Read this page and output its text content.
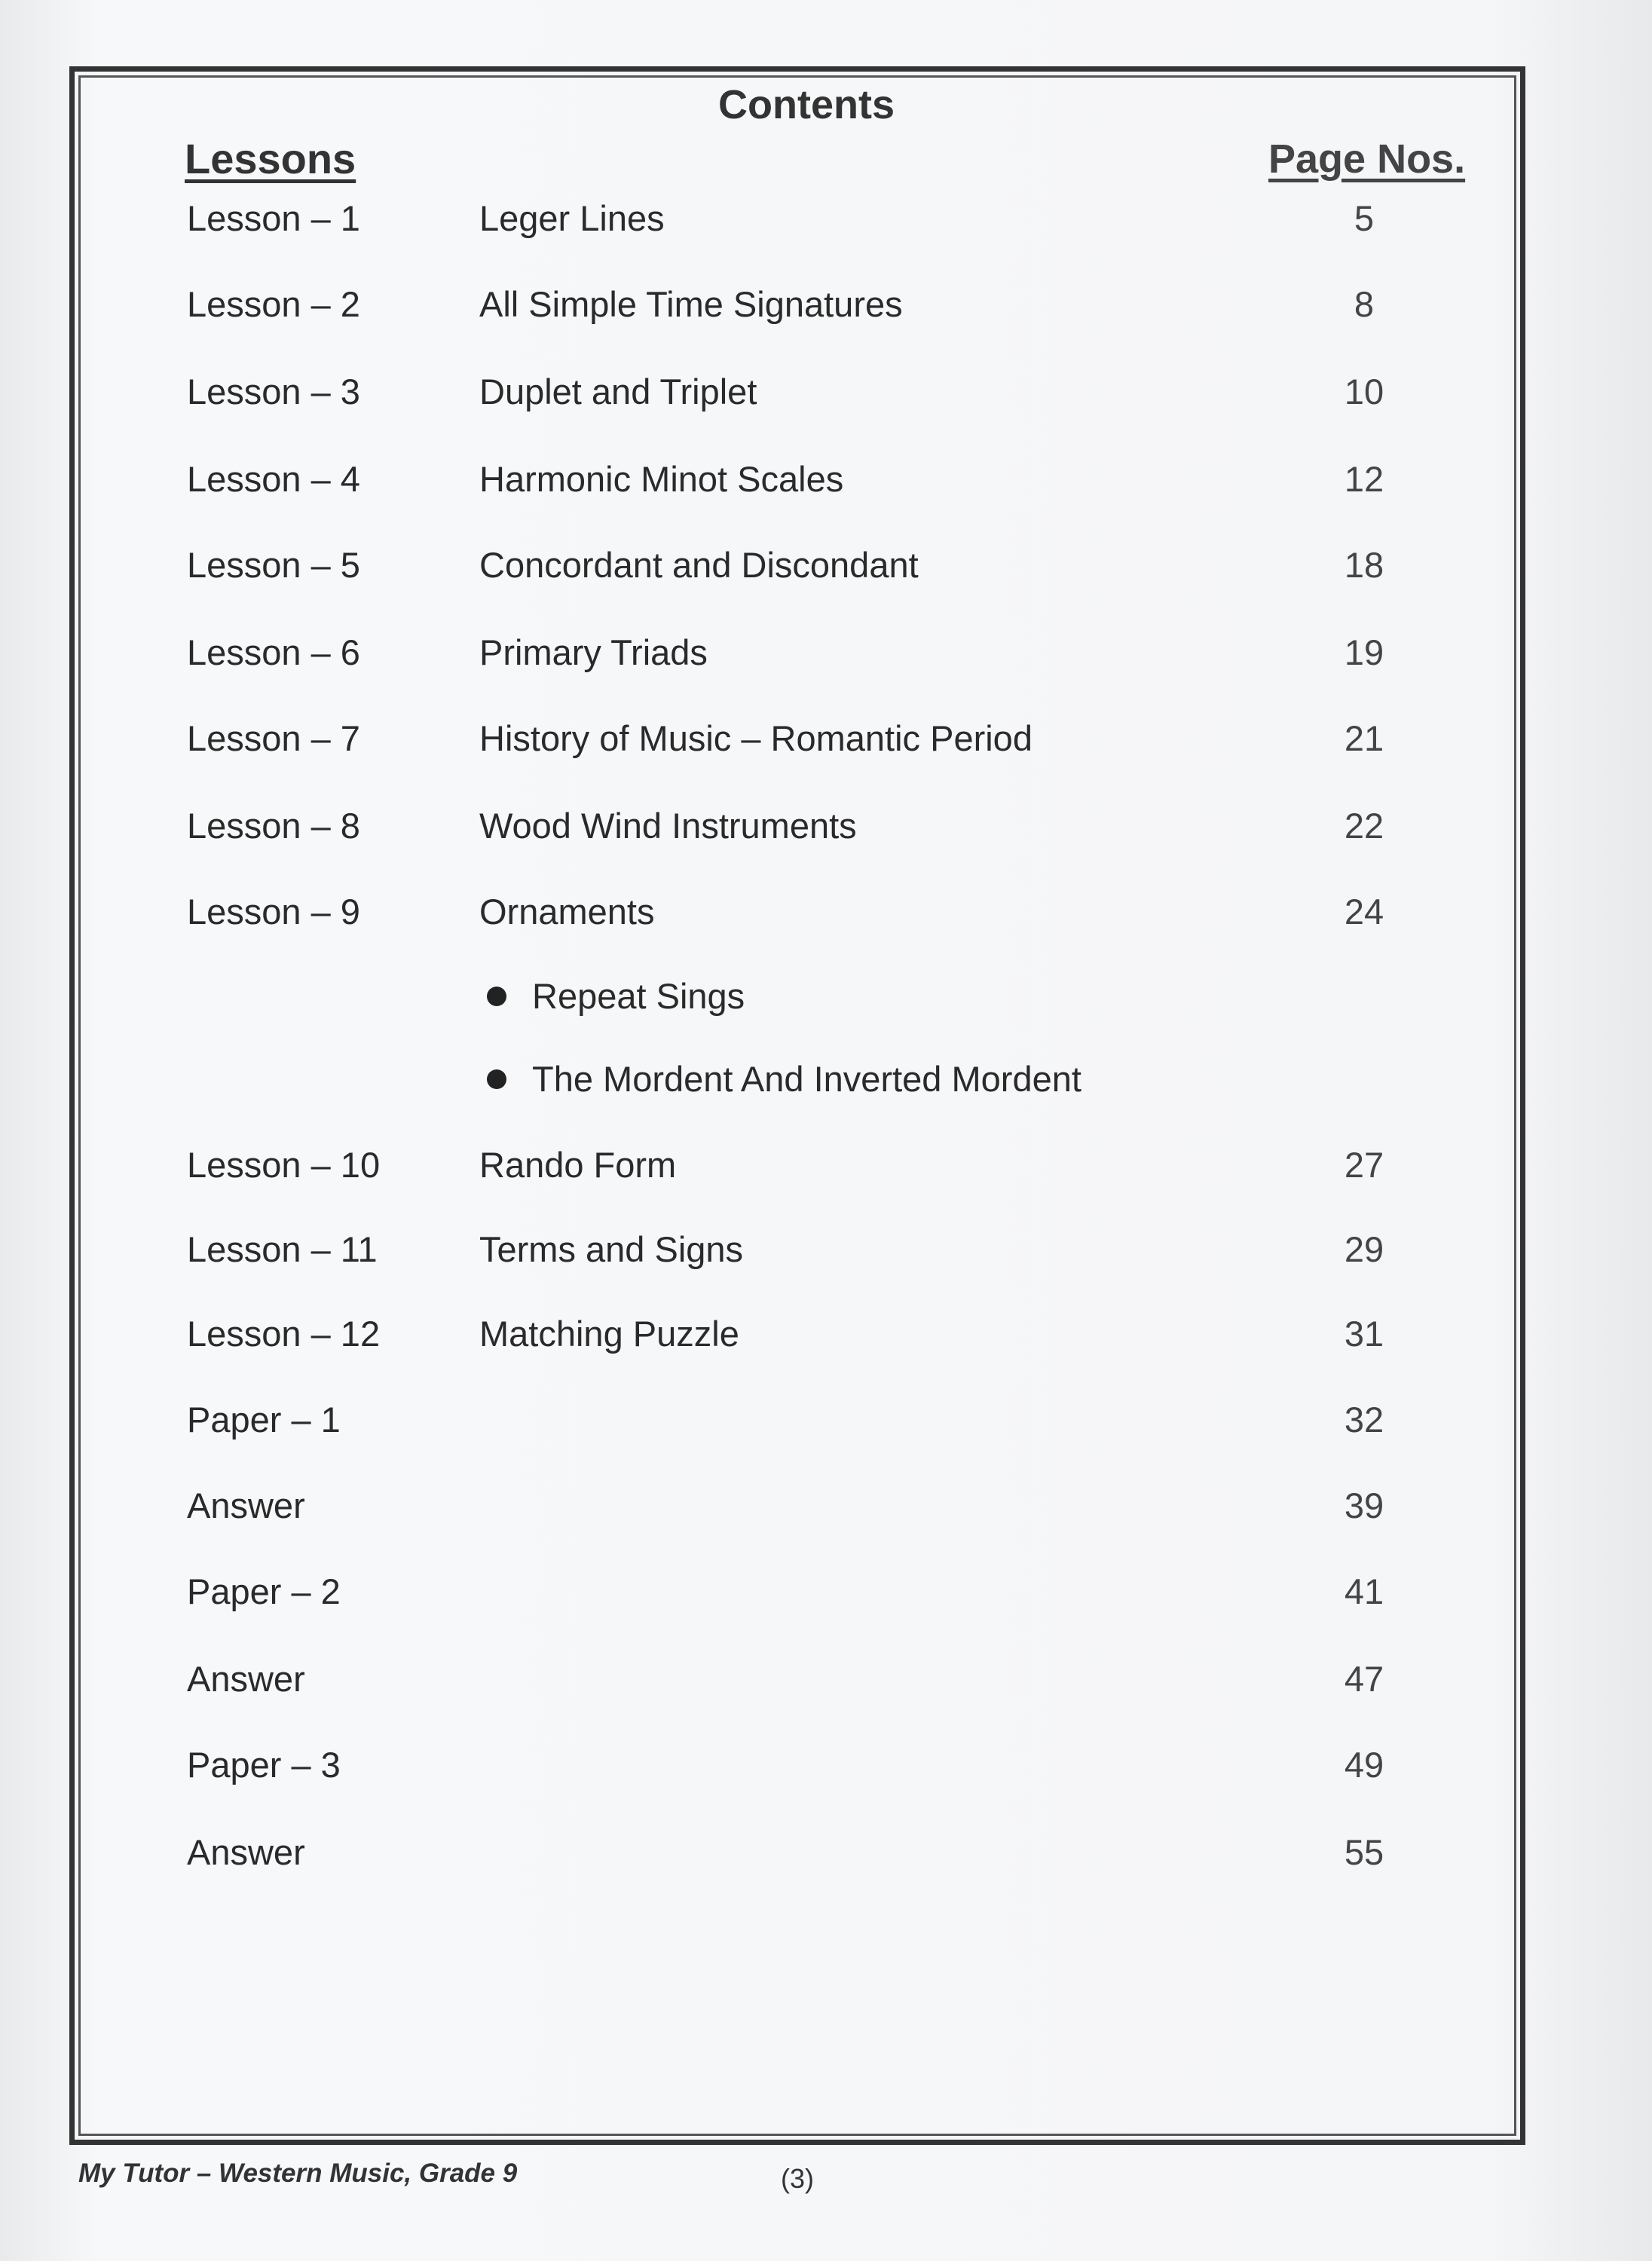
Contents
Lessons	Page Nos.
Lesson – 1	Leger Lines	5
Lesson – 2	All Simple Time Signatures	8
Lesson – 3	Duplet and Triplet	10
Lesson – 4	Harmonic Minot Scales	12
Lesson – 5	Concordant and Discondant	18
Lesson – 6	Primary Triads	19
Lesson – 7	History of Music – Romantic Period	21
Lesson – 8	Wood Wind Instruments	22
Lesson – 9	Ornaments	24
Repeat Sings
The Mordent And Inverted Mordent
Lesson – 10	Rando Form	27
Lesson – 11	Terms and Signs	29
Lesson – 12	Matching Puzzle	31
Paper – 1	32
Answer	39
Paper – 2	41
Answer	47
Paper – 3	49
Answer	55
My Tutor – Western Music, Grade 9	(3)
